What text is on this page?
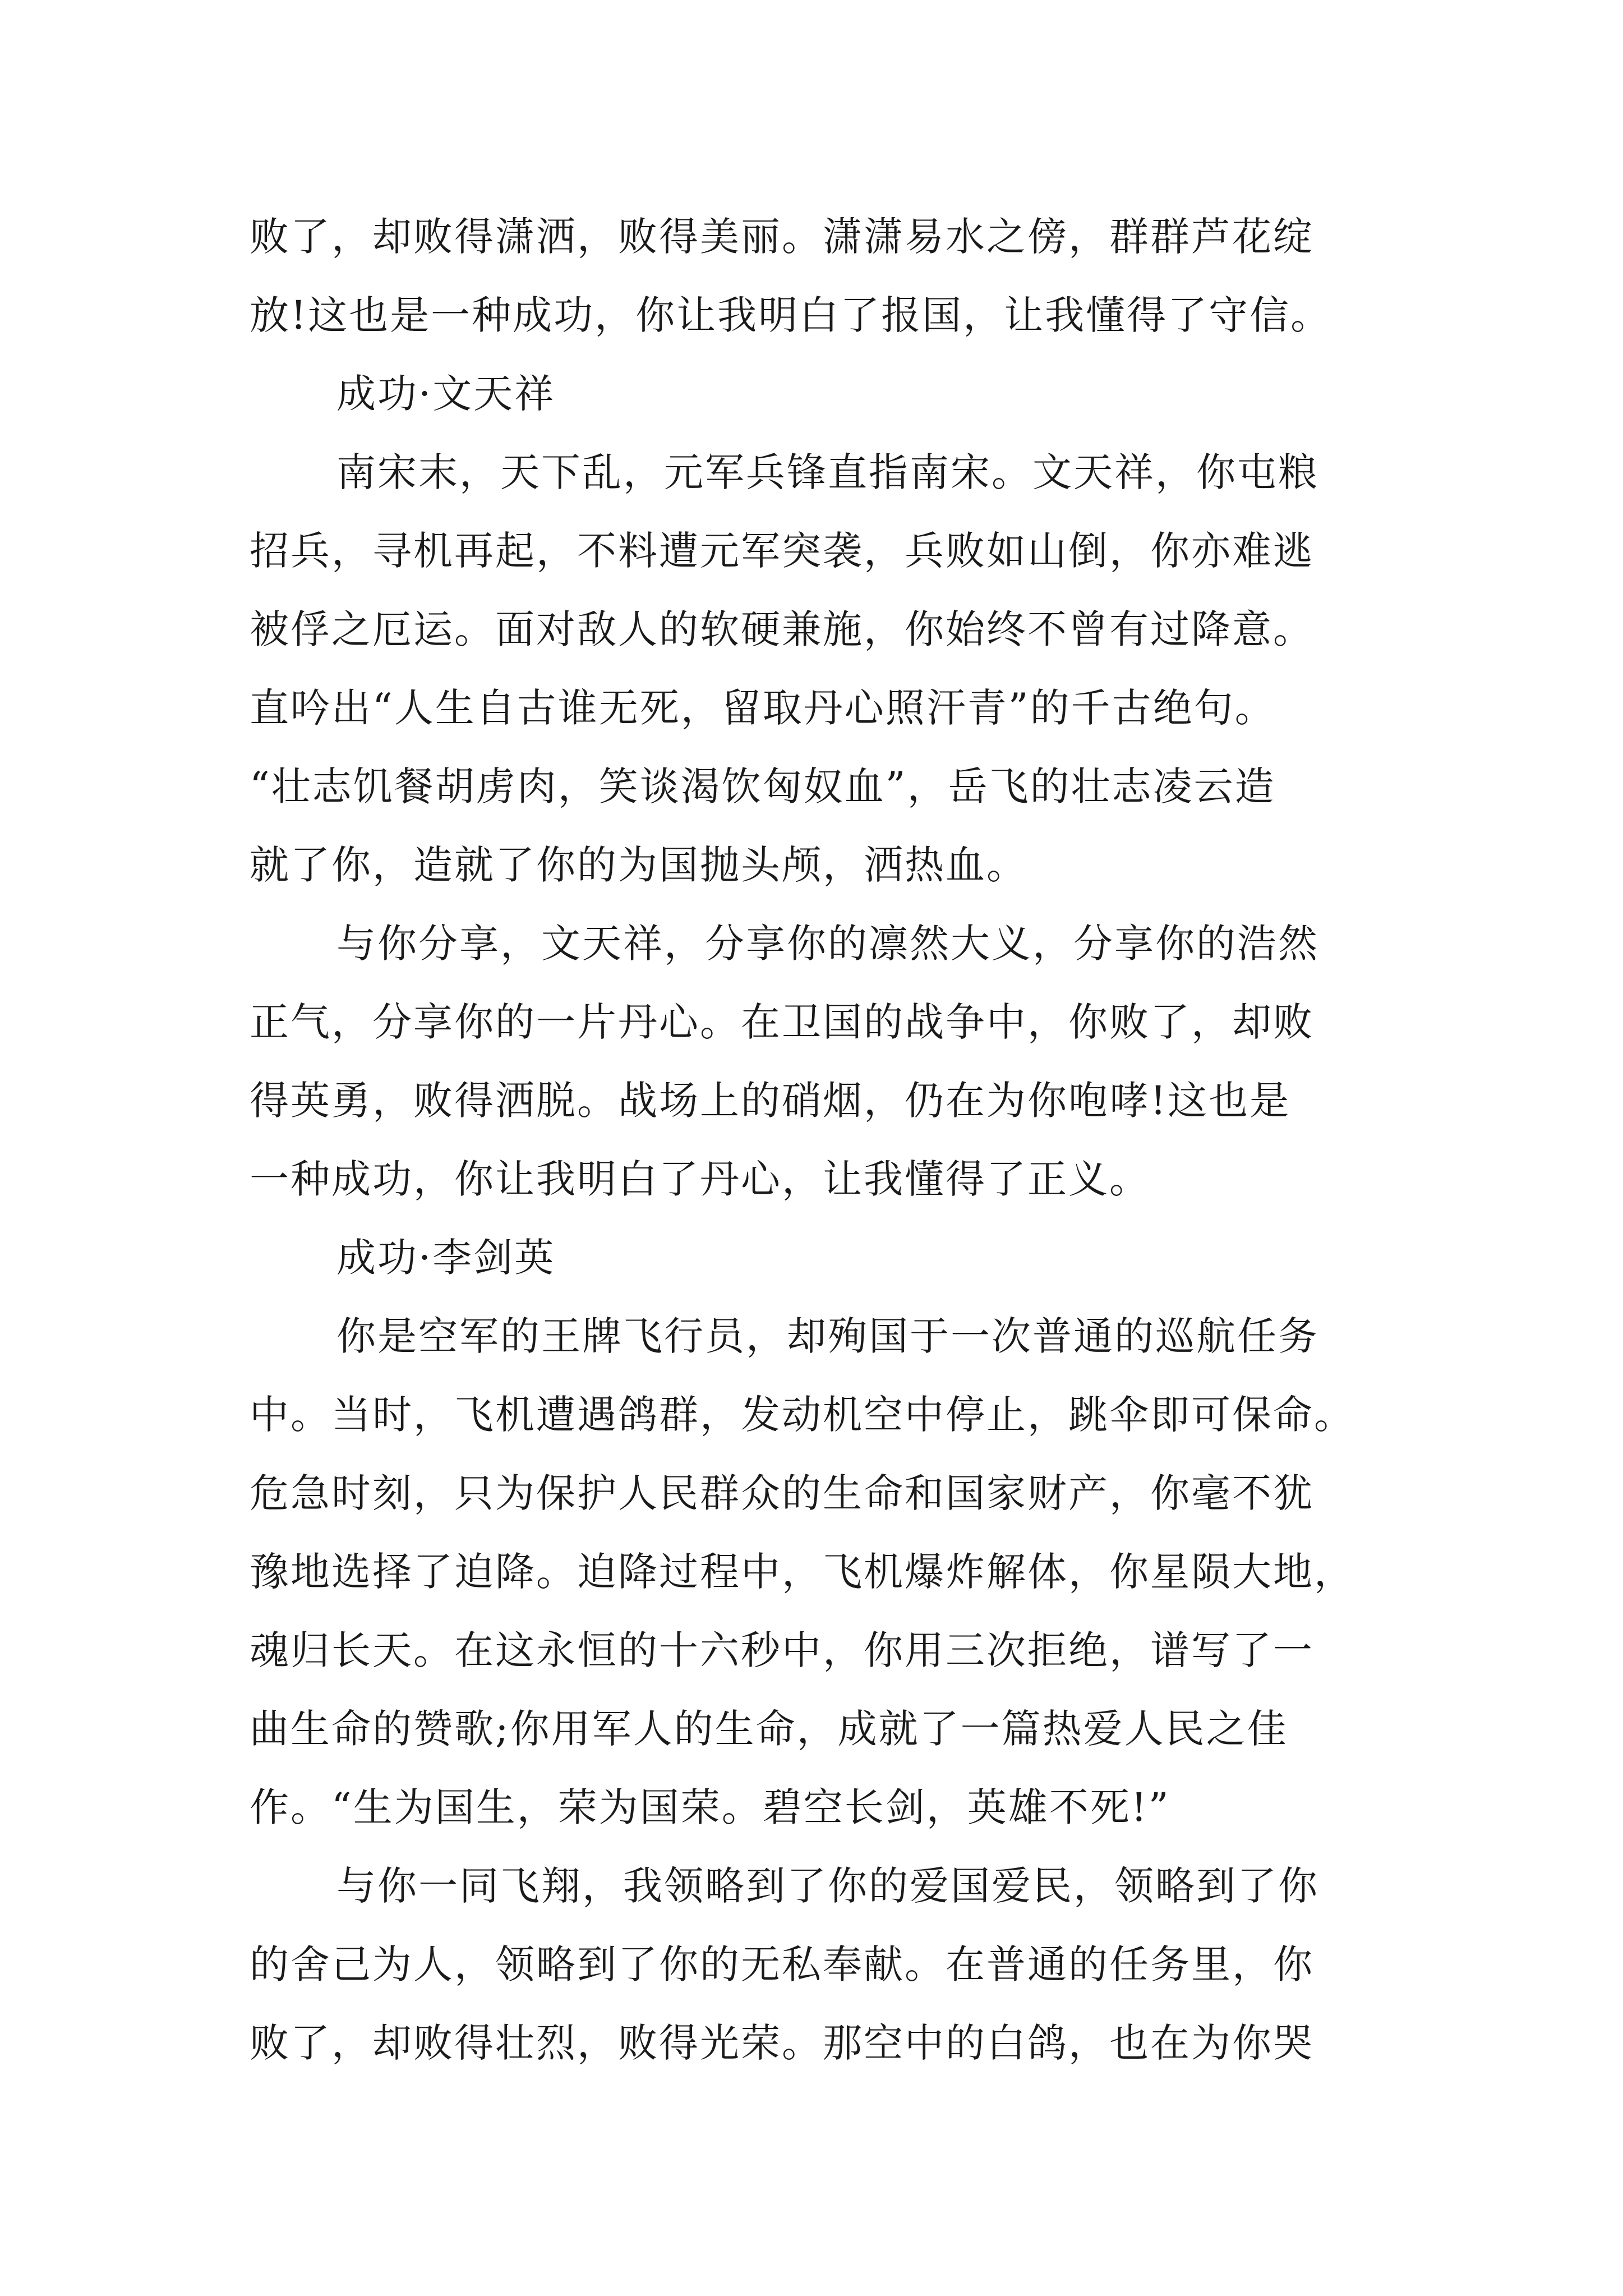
败了，却败得潇洒，败得美丽。潇潇易水之傍，群群芦花绽
放!这也是一种成功，你让我明白了报国，让我懂得了守信。
成功·文天祥
南宋末，天下乱，元军兵锋直指南宋。文天祥，你屯粮
招兵，寻机再起，不料遭元军突袭，兵败如山倒，你亦难逃
被俘之厄运。面对敌人的软硬兼施，你始终不曾有过降意。
直吟出“人生自古谁无死，留取丹心照汗青”的千古绝句。
“壮志饥餐胡虏肉，笑谈渴饮匈奴血”，岳飞的壮志凌云造
就了你，造就了你的为国抛头颅，洒热血。
与你分享，文天祥，分享你的凛然大义，分享你的浩然
正气，分享你的一片丹心。在卫国的战争中，你败了，却败
得英勇，败得洒脱。战场上的硝烟，仍在为你咆哮!这也是
一种成功，你让我明白了丹心，让我懂得了正义。
成功·李剑英
你是空军的王牌飞行员，却殉国于一次普通的巡航任务
中。当时，飞机遭遇鸽群，发动机空中停止，跳伞即可保命。
危急时刻，只为保护人民群众的生命和国家财产，你毫不犹
豫地选择了迫降。迫降过程中，飞机爆炸解体，你星陨大地，
魂归长天。在这永恒的十六秒中，你用三次拒绝，谱写了一
曲生命的赞歌;你用军人的生命，成就了一篇热爱人民之佳
作。“生为国生，荣为国荣。碧空长剑，英雄不死!”
与你一同飞翔，我领略到了你的爱国爱民，领略到了你
的舍己为人，领略到了你的无私奉献。在普通的任务里，你
败了，却败得壮烈，败得光荣。那空中的白鸽，也在为你哭
